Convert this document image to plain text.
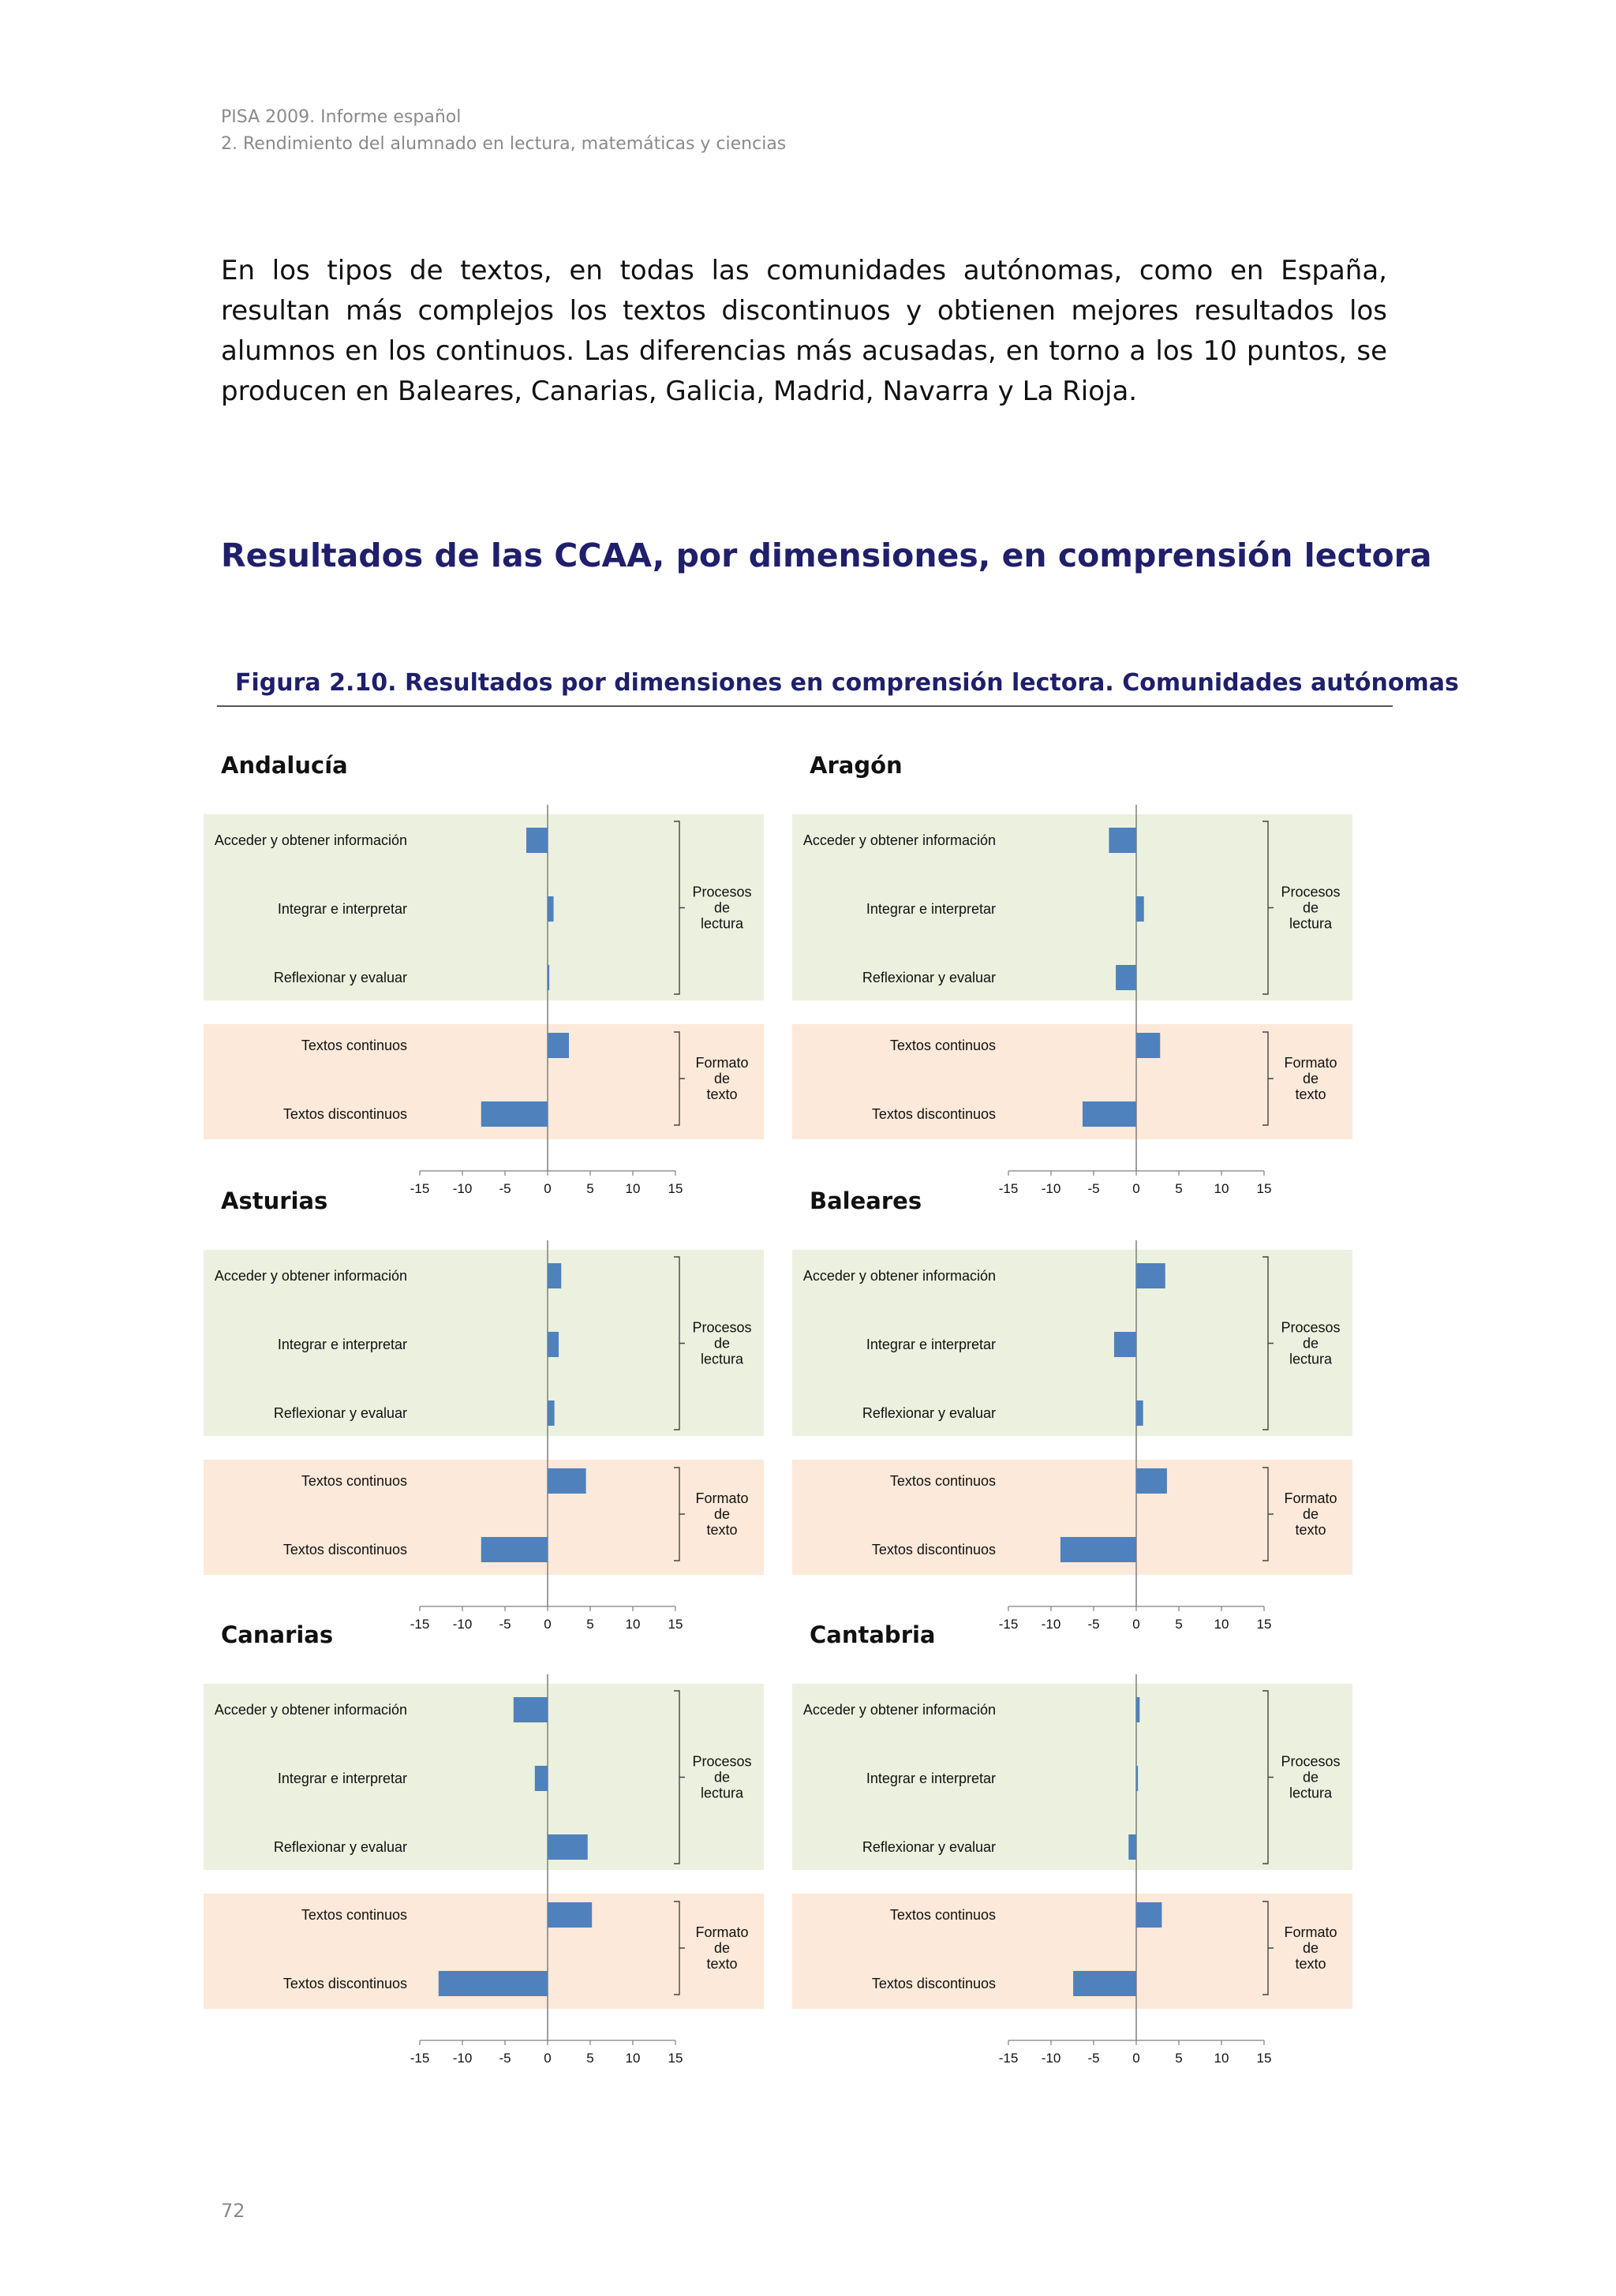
PISA 2009. Informe español
2. Rendimiento del alumnado en lectura, matemáticas y ciencias

En los tipos de textos, en todas las comunidades autónomas, como en España, resultan más complejos los textos discontinuos y obtienen mejores resultados los alumnos en los continuos. Las diferencias más acusadas, en torno a los 10 puntos, se producen en Baleares, Canarias, Galicia, Madrid, Navarra y La Rioja.

Resultados de las CCAA, por dimensiones, en comprensión lectora
Figura 2.10. Resultados por dimensiones en comprensión lectora. Comunidades autónomas
Andalucía
Acceder y obtener información
Integrar e interpretar
Reflexionar y evaluar
Textos continuos
Textos discontinuos
Procesos
de
lectura
Formato
de
texto
-15 -10 -5 0	5 10 15
Aragón
Acceder y obtener información
Integrar e interpretar
Reflexionar y evaluar
Textos continuos
Textos discontinuos
Procesos
de
lectura
Formato
de
texto
-15 -10 -5 0	5 10 15
Asturias
Acceder y obtener información
Integrar e interpretar
Reflexionar y evaluar
Textos continuos
Textos discontinuos
Procesos
de
lectura
Formato
de
texto
-15 -10 -5 0	5 10 15
Baleares
Acceder y obtener información
Integrar e interpretar
Reflexionar y evaluar
Textos continuos
Textos discontinuos
Procesos
de
lectura
Formato
de
texto
-15 -10 -5 0	5 10 15
Canarias
Acceder y obtener información
Integrar e interpretar
Reflexionar y evaluar
Textos continuos
Textos discontinuos
Procesos
de
lectura
Formato
de
texto
-15 -10 -5 0	5 10 15
Cantabria
Acceder y obtener información
Integrar e interpretar
Reflexionar y evaluar
Textos continuos
Textos discontinuos
Procesos
de
lectura
Formato
de
texto
-15 -10 -5 0	5 10 15
72
